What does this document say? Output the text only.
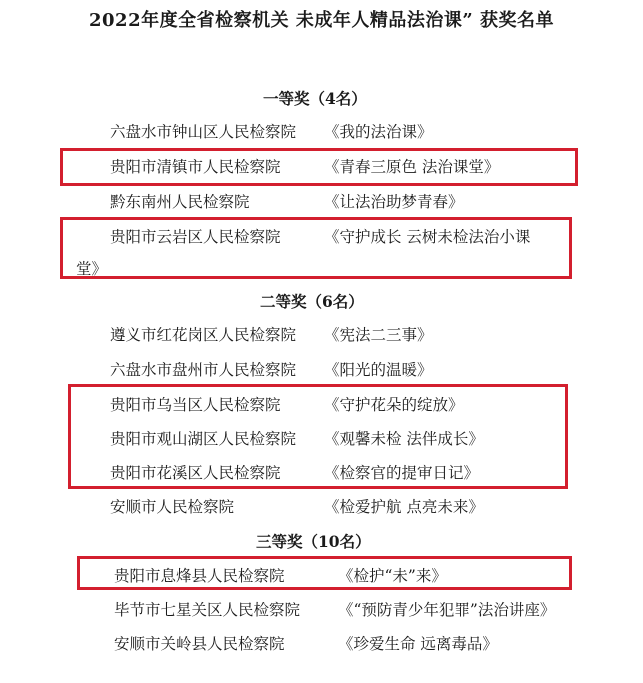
2022年度全省检察机关 未成年人精品法治课” 获奖名单
一等奖（4名）
六盘水市钟山区人民检察院 《我的法治课》
贵阳市清镇市人民检察院	《青春三原色 法治课堂》
黔东南州人民检察院	《让法治助梦青春》
贵阳市云岩区人民检察院	《守护成长 云树未检法治小课
堂》
二等奖（6名）
遵义市红花岗区人民检察院 《宪法二三事》
六盘水市盘州市人民检察院 《阳光的温暖》
贵阳市乌当区人民检察院	《守护花朵的绽放》
贵阳市观山湖区人民检察院 《观馨未检 法伴成长》
贵阳市花溪区人民检察院	《检察官的提审日记》
安顺市人民检察院	《检爱护航 点亮未来》
三等奖（10名）
贵阳市息烽县人民检察院	《检护“未”来》
毕节市七星关区人民检察院 《“预防青少年犯罪”法治讲座》
安顺市关岭县人民检察院	《珍爱生命 远离毒品》
